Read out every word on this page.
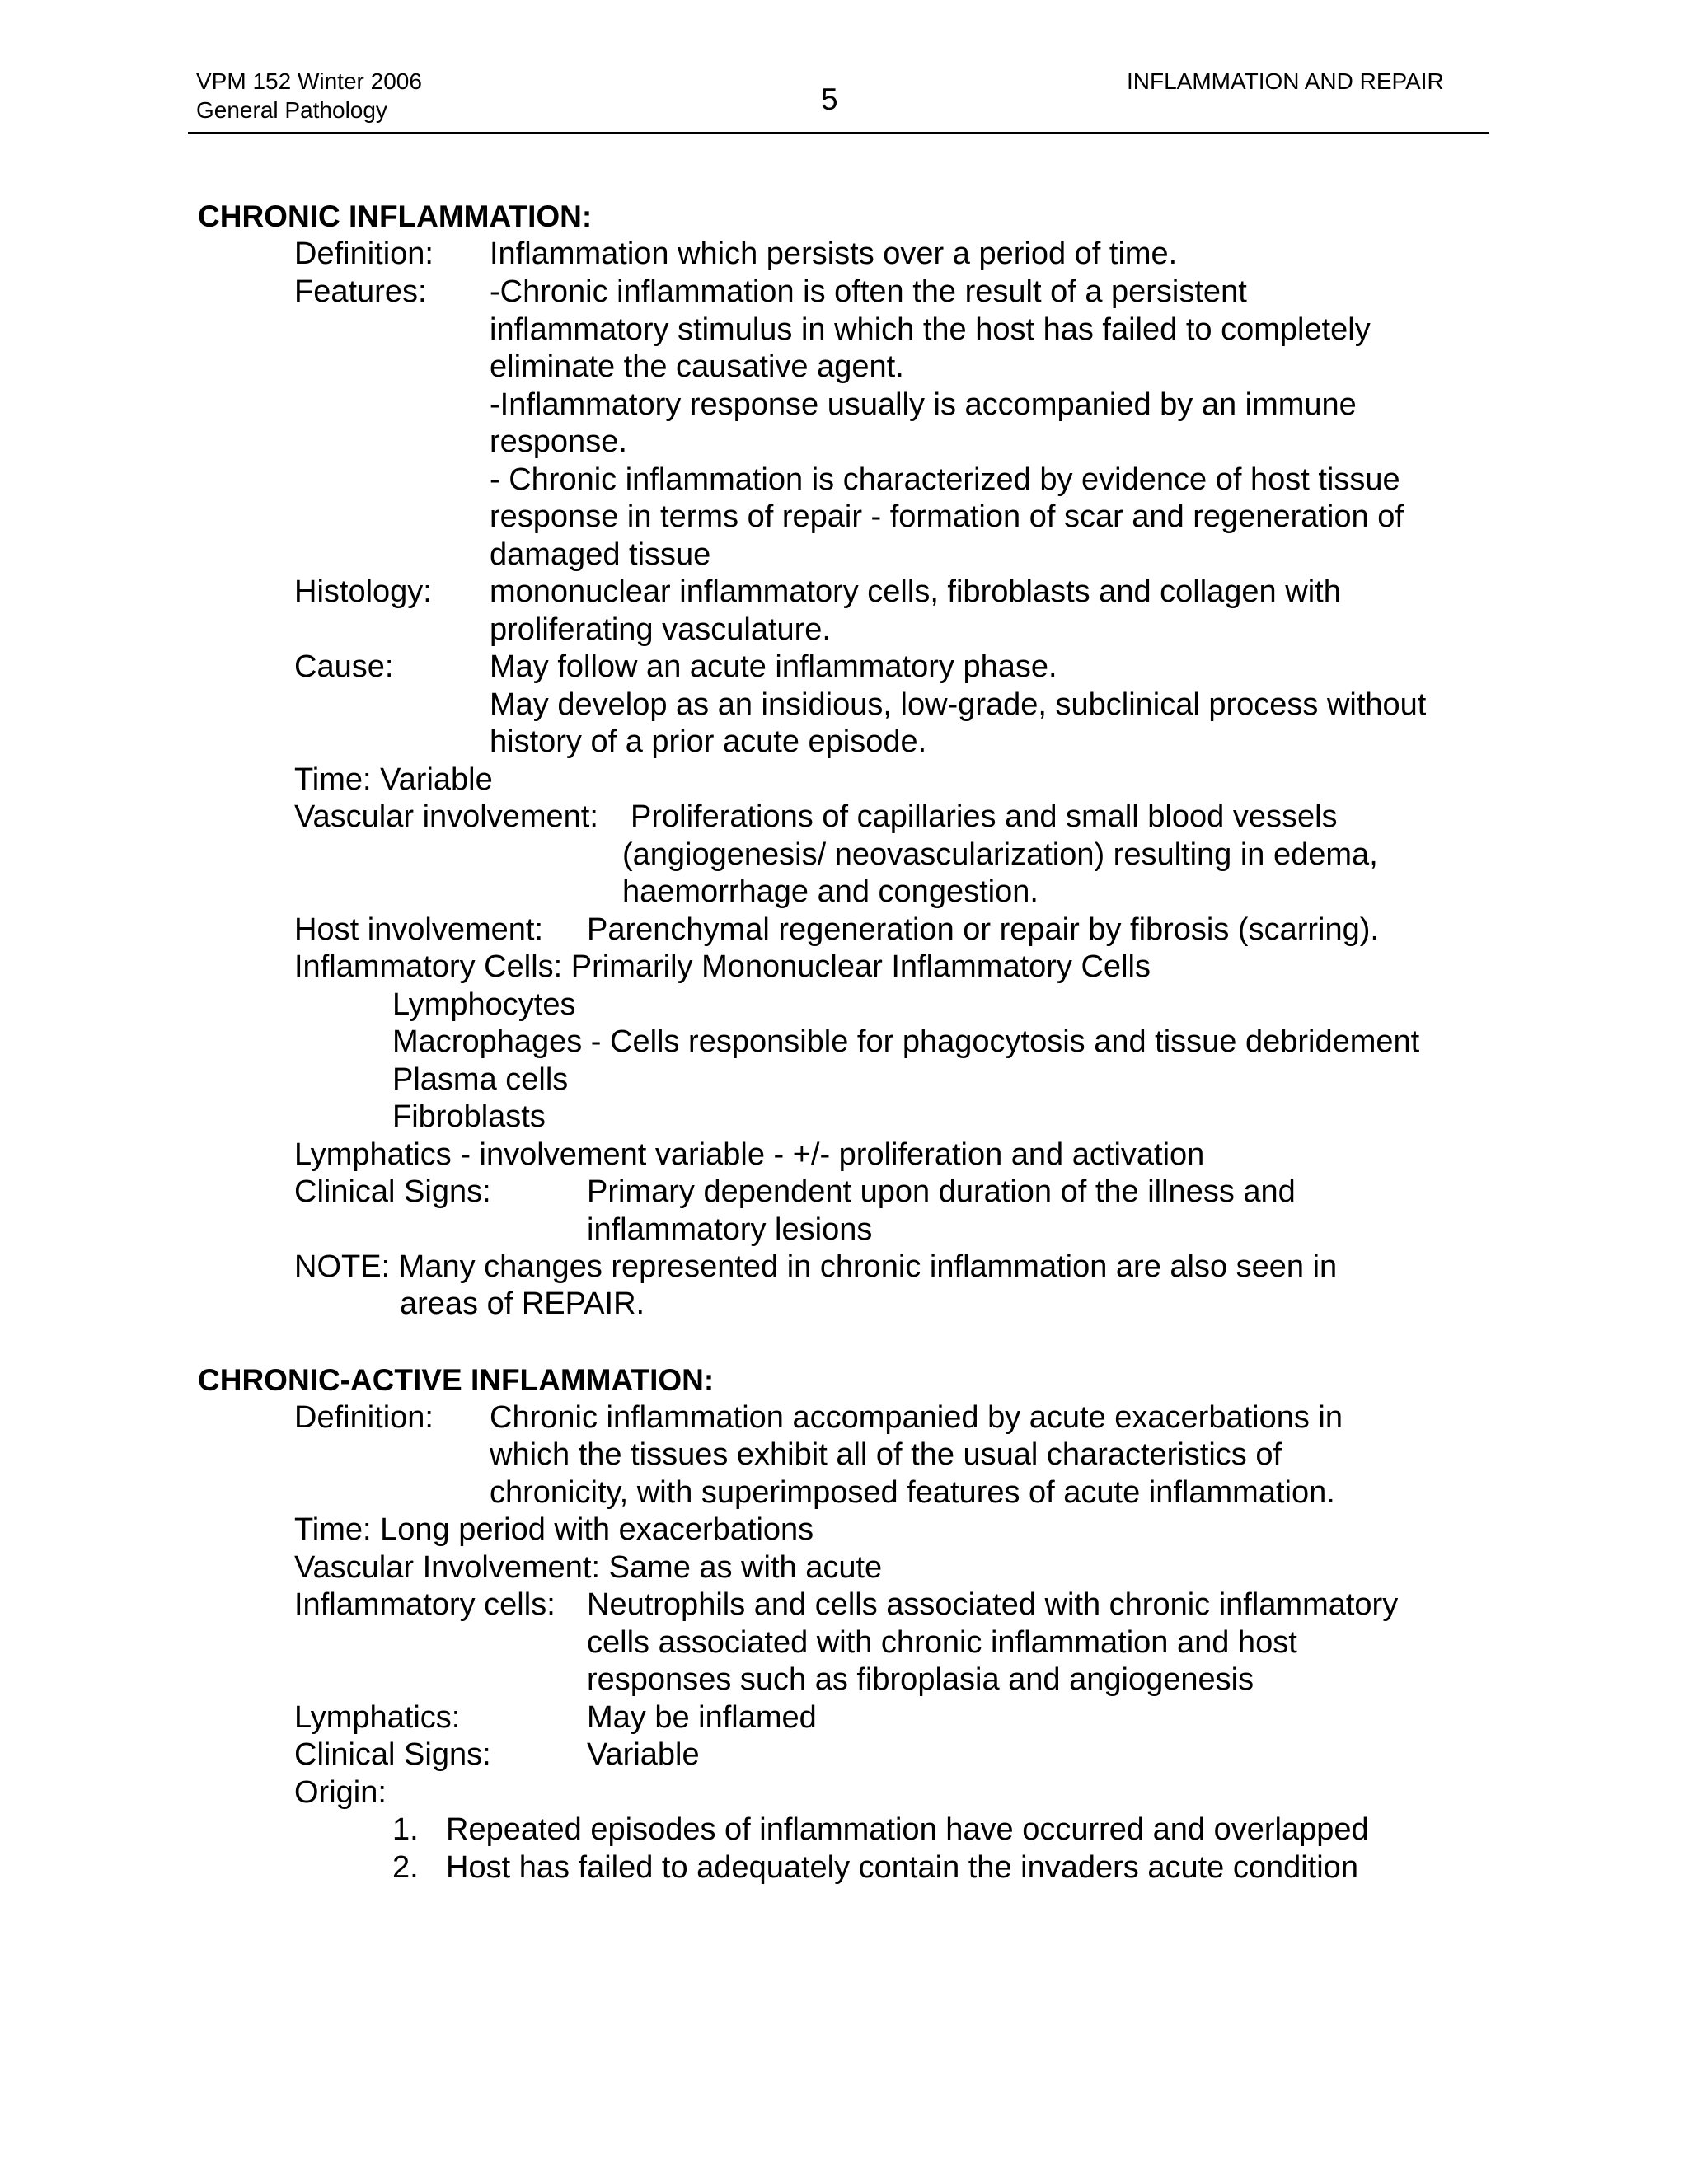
VPM 152 Winter 2006
General Pathology	5
INFLAMMATION AND REPAIR
CHRONIC INFLAMMATION:
Definition: Inflammation which persists over a period of time.
Features: -Chronic inflammation is often the result of a persistent
inflammatory stimulus in which the host has failed to completely
eliminate the causative agent.
-Inflammatory response usually is accompanied by an immune
response.
- Chronic inflammation is characterized by evidence of host tissue
response in terms of repair - formation of scar and regeneration of
damaged tissue
Histology: mononuclear inflammatory cells, fibroblasts and collagen with
proliferating vasculature.
Cause:	May follow an acute inflammatory phase.
May develop as an insidious, low-grade, subclinical process without
history of a prior acute episode.
Time: Variable
Vascular involvement: Proliferations of capillaries and small blood vessels
(angiogenesis/ neovascularization) resulting in edema,
haemorrhage and congestion.
Host involvement: Parenchymal regeneration or repair by fibrosis (scarring).
Inflammatory Cells: Primarily Mononuclear Inflammatory Cells
Lymphocytes
Macrophages - Cells responsible for phagocytosis and tissue debridement
Plasma cells
Fibroblasts
Lymphatics - involvement variable - +/- proliferation and activation
Clinical Signs:	Primary dependent upon duration of the illness and
inflammatory lesions
NOTE: Many changes represented in chronic inflammation are also seen in
areas of REPAIR.
CHRONIC-ACTIVE INFLAMMATION:
Definition: Chronic inflammation accompanied by acute exacerbations in
which the tissues exhibit all of the usual characteristics of
chronicity, with superimposed features of acute inflammation.
Time: Long period with exacerbations
Vascular Involvement: Same as with acute
Inflammatory cells: Neutrophils and cells associated with chronic inflammatory
cells associated with chronic inflammation and host
responses such as fibroplasia and angiogenesis
Lymphatics:	May be inflamed
Clinical Signs:	Variable
Origin:
1. Repeated episodes of inflammation have occurred and overlapped
2. Host has failed to adequately contain the invaders acute condition
